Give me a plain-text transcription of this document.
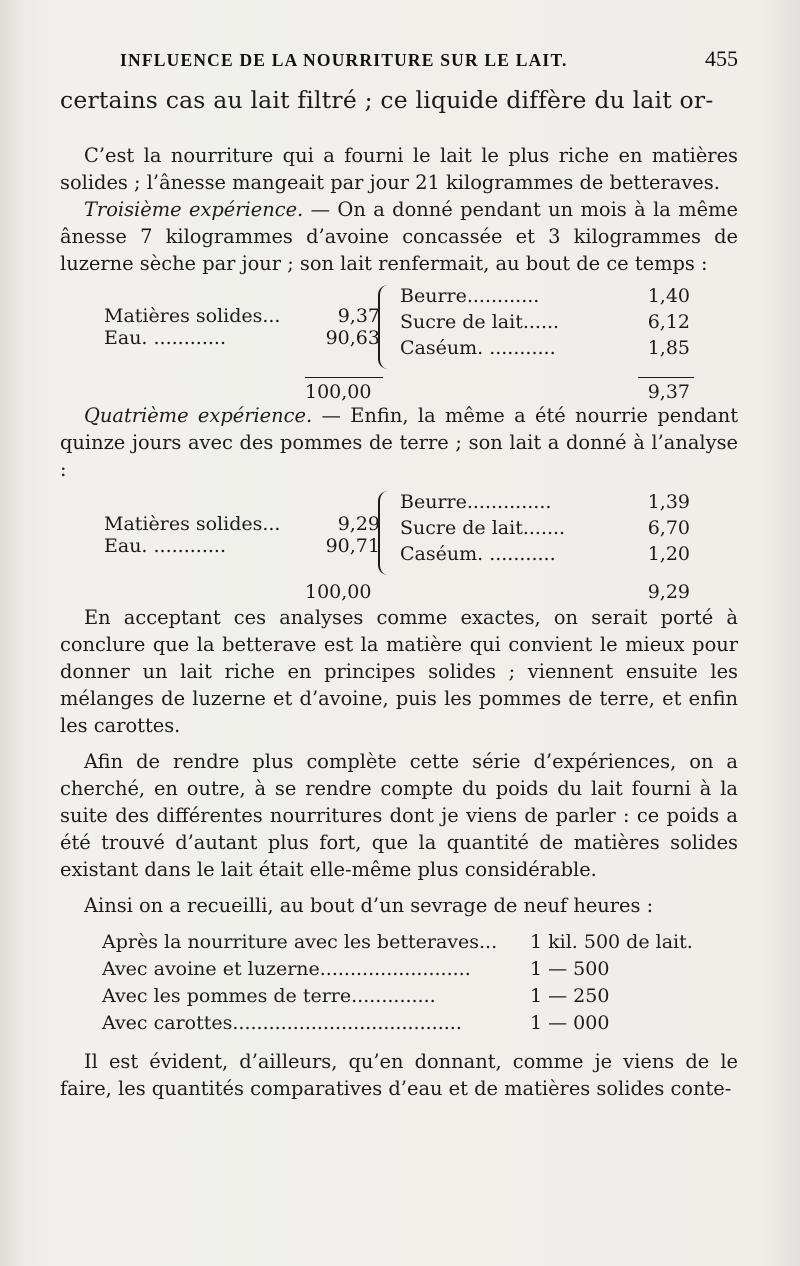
INFLUENCE DE LA NOURRITURE SUR LE LAIT.	455
certains cas au lait filtré ; ce liquide diffère du lait or-

C’est la nourriture qui a fourni le lait le plus riche en matières solides ; l’ânesse mangeait par jour 21 kilogrammes de betteraves.

Troisième expérience. — On a donné pendant un mois à la même ânesse 7 kilogrammes d’avoine concassée et 3 kilogrammes de luzerne sèche par jour ; son lait renfermait, au bout de ce temps :

Matières solides...	9,37
Eau. ............	90,63
Beurre............	1,40
Sucre de lait......	6,12
Caséum. ...........	1,85
100,00	9,37

Quatrième expérience. — Enfin, la même a été nourrie pendant quinze jours avec des pommes de terre ; son lait a donné à l’analyse :

Matières solides...	9,29
Eau. ............	90,71
Beurre..............	1,39
Sucre de lait.......	6,70
Caséum. ...........	1,20
100,00	9,29

En acceptant ces analyses comme exactes, on serait porté à conclure que la betterave est la matière qui convient le mieux pour donner un lait riche en principes solides ; viennent ensuite les mélanges de luzerne et d’avoine, puis les pommes de terre, et enfin les carottes.

Afin de rendre plus complète cette série d’expériences, on a cherché, en outre, à se rendre compte du poids du lait fourni à la suite des différentes nourritures dont je viens de parler : ce poids a été trouvé d’autant plus fort, que la quantité de matières solides existant dans le lait était elle-même plus considérable.

Ainsi on a recueilli, au bout d’un sevrage de neuf heures :

Après la nourriture avec les betteraves... 1 kil. 500 de lait.
Avec avoine et luzerne.........................	1 — 500
Avec les pommes de terre..............	1 — 250
Avec carottes......................................	1 — 000

Il est évident, d’ailleurs, qu’en donnant, comme je viens de le faire, les quantités comparatives d’eau et de matières solides conte-
